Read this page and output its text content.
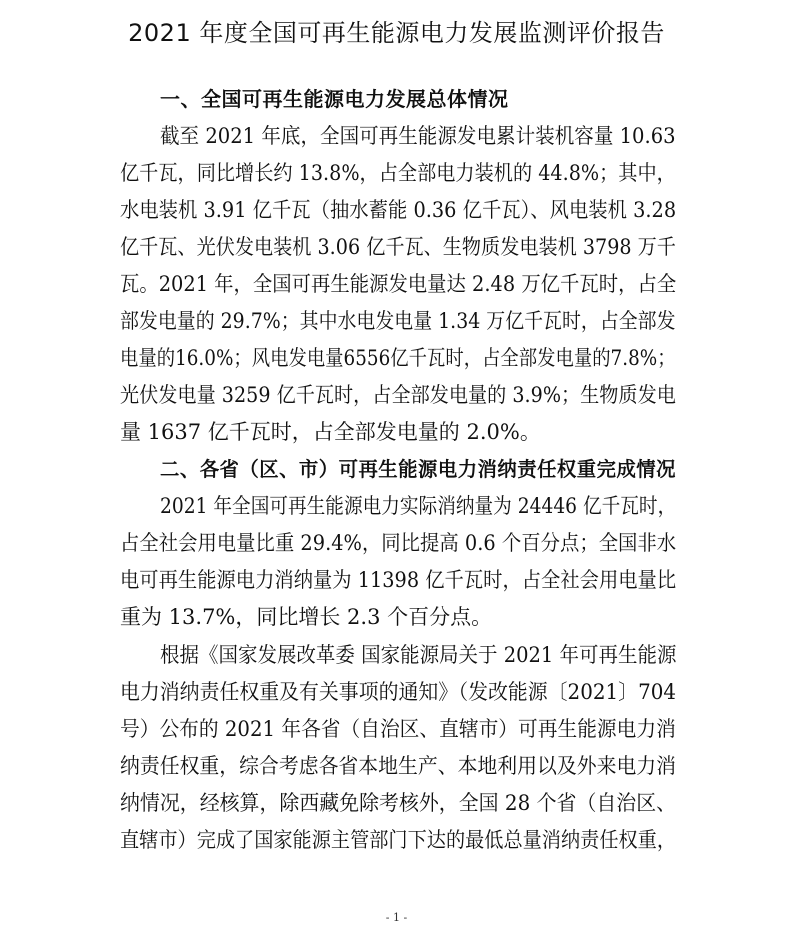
2021 年度全国可再生能源电力发展监测评价报告
一、全国可再生能源电力发展总体情况
截至 2021 年底，全国可再生能源发电累计装机容量 10.63
亿千瓦，同比增长约 13.8%，占全部电力装机的 44.8%；其中，
水电装机 3.91 亿千瓦（抽水蓄能 0.36 亿千瓦）、风电装机 3.28
亿千瓦、光伏发电装机 3.06 亿千瓦、生物质发电装机 3798 万千
瓦。2021 年，全国可再生能源发电量达 2.48 万亿千瓦时，占全
部发电量的 29.7%；其中水电发电量 1.34 万亿千瓦时，占全部发
电量的16.0%；风电发电量6556亿千瓦时，占全部发电量的7.8%；
光伏发电量 3259 亿千瓦时，占全部发电量的 3.9%；生物质发电
量 1637 亿千瓦时，占全部发电量的 2.0%。
二、各省（区、市）可再生能源电力消纳责任权重完成情况
2021 年全国可再生能源电力实际消纳量为 24446 亿千瓦时，
占全社会用电量比重 29.4%，同比提高 0.6 个百分点；全国非水
电可再生能源电力消纳量为 11398 亿千瓦时，占全社会用电量比
重为 13.7%，同比增长 2.3 个百分点。
根据《国家发展改革委 国家能源局关于 2021 年可再生能源
电力消纳责任权重及有关事项的通知》（发改能源〔2021〕704
号）公布的 2021 年各省（自治区、直辖市）可再生能源电力消
纳责任权重，综合考虑各省本地生产、本地利用以及外来电力消
纳情况，经核算，除西藏免除考核外，全国 28 个省（自治区、
直辖市）完成了国家能源主管部门下达的最低总量消纳责任权重，
- 1 -
